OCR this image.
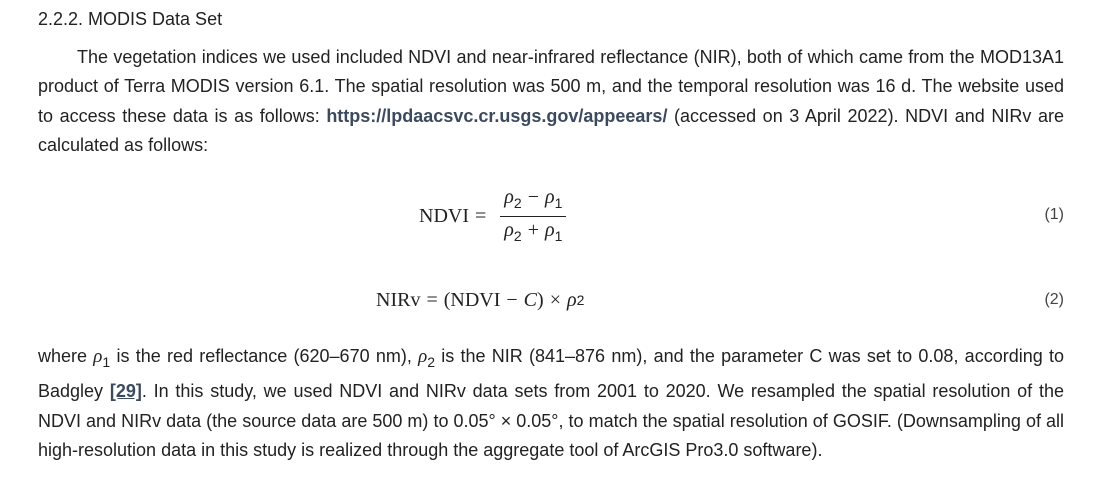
2.2.2. MODIS Data Set

The vegetation indices we used included NDVI and near-infrared reflectance (NIR), both of which came from the MOD13A1 product of Terra MODIS version 6.1. The spatial resolution was 500 m, and the temporal resolution was 16 d. The website used to access these data is as follows: https://lpdaacsvc.cr.usgs.gov/appeears/ (accessed on 3 April 2022). NDVI and NIRv are calculated as follows:

NDVI = $\frac{\rho_2 - \rho_1}{\rho_2 + \rho_1}$	(1)
NIRv = (NDVI − C ) × ρ 2	(2)

where $\rho_1$ is the red reflectance (620–670 nm), $\rho_2$ is the NIR (841–876 nm), and the parameter C was set to 0.08, according to Badgley [29]. In this study, we used NDVI and NIRv data sets from 2001 to 2020. We resampled the spatial resolution of the NDVI and NIRv data (the source data are 500 m) to 0.05° × 0.05°, to match the spatial resolution of GOSIF. (Downsampling of all high-resolution data in this study is realized through the aggregate tool of ArcGIS Pro3.0 software).
